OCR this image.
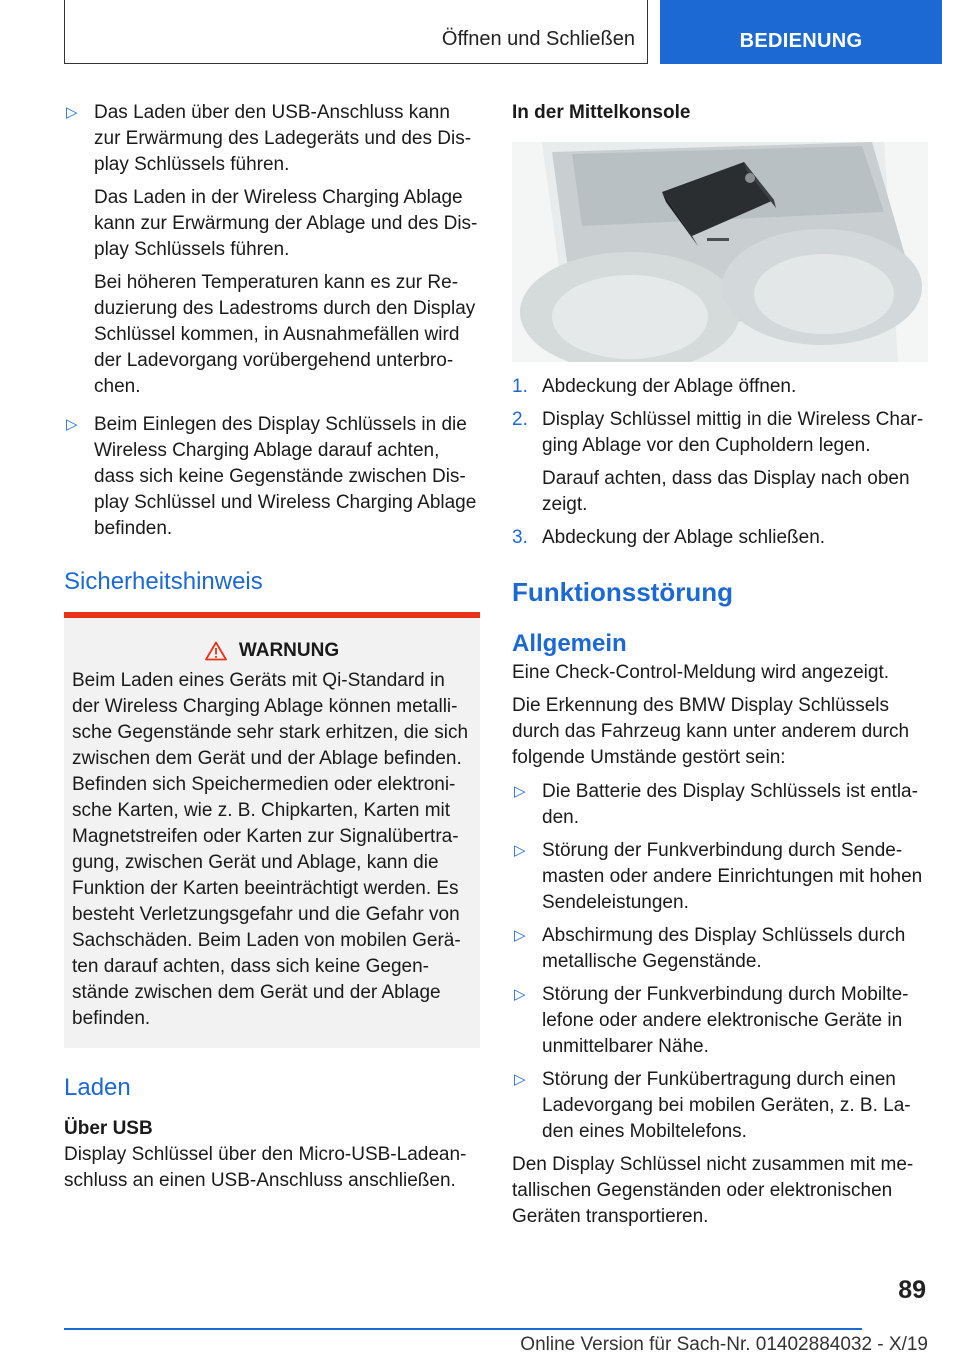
Öffnen und Schließen	BEDIENUNG
▷ Das Laden über den USB-Anschluss kann zur Erwärmung des Ladegeräts und des Dis-play Schlüssels führen.

Das Laden in der Wireless Charging Ablage kann zur Erwärmung der Ablage und des Dis-play Schlüssels führen.

Bei höheren Temperaturen kann es zur Re-duzierung des Ladestroms durch den Display Schlüssel kommen, in Ausnahmefällen wird der Ladevorgang vorübergehend unterbro-chen.

▷ Beim Einlegen des Display Schlüssels in die Wireless Charging Ablage darauf achten, dass sich keine Gegenstände zwischen Dis-play Schlüssel und Wireless Charging Ablage befinden.

Sicherheitshinweis
WARNUNG

Beim Laden eines Geräts mit Qi-Standard in der Wireless Charging Ablage können metalli-sche Gegenstände sehr stark erhitzen, die sich zwischen dem Gerät und der Ablage befinden. Befinden sich Speichermedien oder elektroni-sche Karten, wie z. B. Chipkarten, Karten mit Magnetstreifen oder Karten zur Signalübertra-gung, zwischen Gerät und Ablage, kann die Funktion der Karten beeinträchtigt werden. Es besteht Verletzungsgefahr und die Gefahr von Sachschäden. Beim Laden von mobilen Gerä-ten darauf achten, dass sich keine Gegen-stände zwischen dem Gerät und der Ablage befinden.

Laden

Über USB

Display Schlüssel über den Micro-USB-Ladean-schluss an einen USB-Anschluss anschließen.

In der Mittelkonsole

1. Abdeckung der Ablage öffnen.

2. Display Schlüssel mittig in die Wireless Char-ging Ablage vor den Cupholdern legen.

Darauf achten, dass das Display nach oben zeigt.

3. Abdeckung der Ablage schließen.

Funktionsstörung
Allgemein

Eine Check-Control-Meldung wird angezeigt.

Die Erkennung des BMW Display Schlüssels durch das Fahrzeug kann unter anderem durch folgende Umstände gestört sein:

▷ Die Batterie des Display Schlüssels ist entla-den.

▷ Störung der Funkverbindung durch Sende-masten oder andere Einrichtungen mit hohen Sendeleistungen.

▷ Abschirmung des Display Schlüssels durch metallische Gegenstände.

▷ Störung der Funkverbindung durch Mobilte-lefone oder andere elektronische Geräte in unmittelbarer Nähe.

▷ Störung der Funkübertragung durch einen Ladevorgang bei mobilen Geräten, z. B. La-den eines Mobiltelefons.

Den Display Schlüssel nicht zusammen mit me-tallischen Gegenständen oder elektronischen Geräten transportieren.

89
Online Version für Sach-Nr. 01402884032 - X/19
